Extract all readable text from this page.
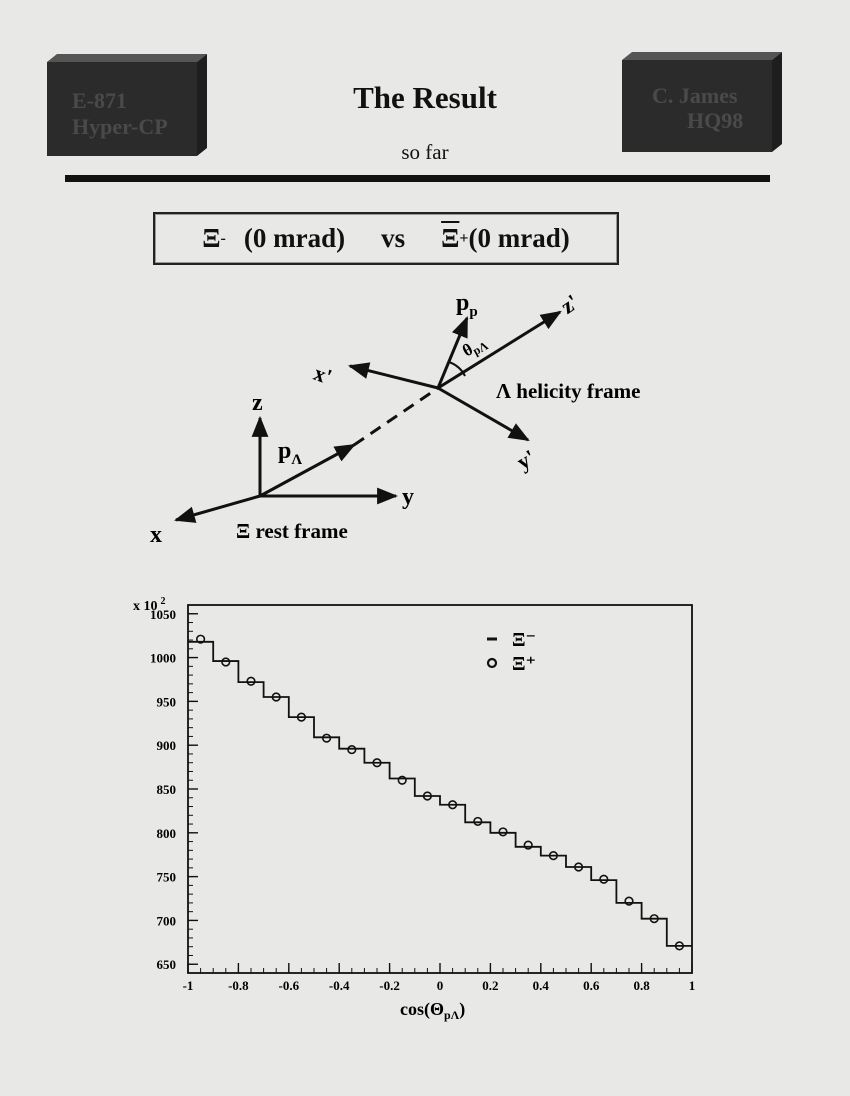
E-871
Hyper-CP
C. James
HQ98
The Result
so far
Ξ - (0 mrad) vs $\overline{\Xi} + (0$ mrad)
z
y
x
$p_\Lambda$
Ξ rest frame
Λ helicity frame
z'
x'
y'
$p_p$
θpΛ
-1	-0.8 -0.6 -0.4 -0.2	0	0.2	0.4	0.6	0.8	1
650
700
750
800
850
900
950
1000
1050
x 10 $^2$
$\cos(\Theta_{p\Lambda})$
Ξ⁻
Ξ⁺
